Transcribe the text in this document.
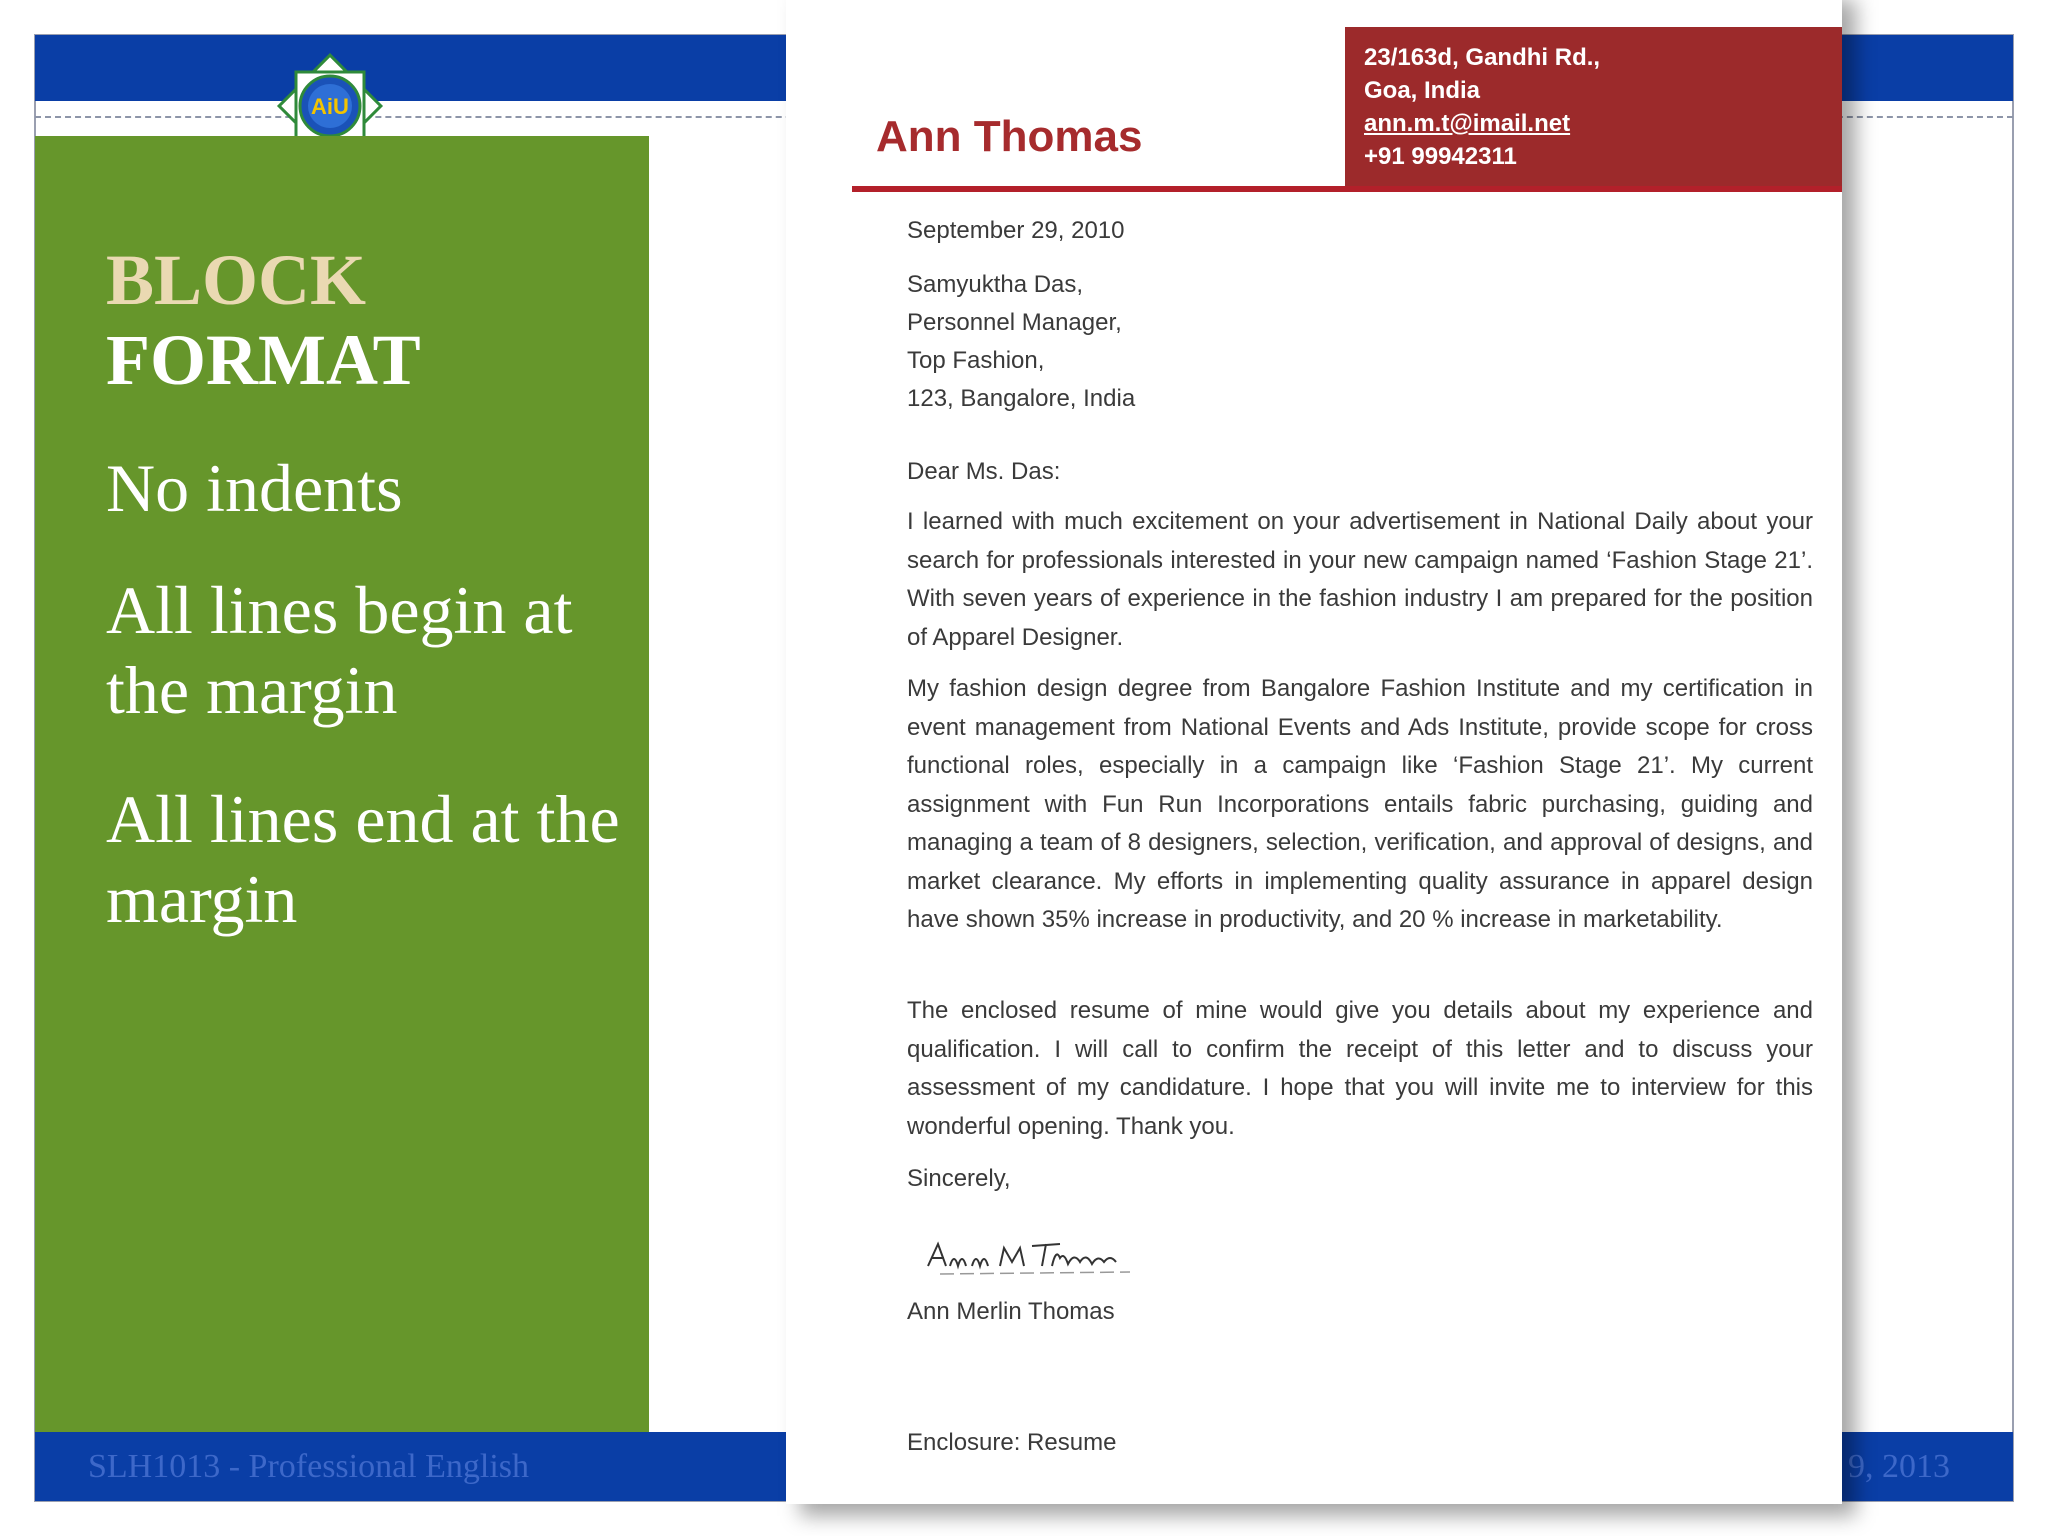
SLH1013 - Professional English	9, 2013
AiU
BLOCK
FORMAT
No indents
All lines begin at the margin
All lines end at the margin
23/163d, Gandhi Rd.,
Goa, India
ann.m.t@imail.net
+91 99942311
Ann Thomas
September 29, 2010
Samyuktha Das,
Personnel Manager,
Top Fashion,
123, Bangalore, India
Dear Ms. Das:
I learned with much excitement on your advertisement in National Daily about your search for professionals interested in your new campaign named ‘Fashion Stage 21’. With seven years of experience in the fashion industry I am prepared for the position of Apparel Designer.
My fashion design degree from Bangalore Fashion Institute and my certification in event management from National Events and Ads Institute, provide scope for cross functional roles, especially in a campaign like ‘Fashion Stage 21’. My current assignment with Fun Run Incorporations entails fabric purchasing, guiding and managing a team of 8 designers, selection, verification, and approval of designs, and market clearance. My efforts in implementing quality assurance in apparel design have shown 35% increase in productivity, and 20 % increase in marketability.
The enclosed resume of mine would give you details about my experience and qualification. I will call to confirm the receipt of this letter and to discuss your assessment of my candidature. I hope that you will invite me to interview for this wonderful opening. Thank you.
Sincerely,
Ann Merlin Thomas
Enclosure: Resume
